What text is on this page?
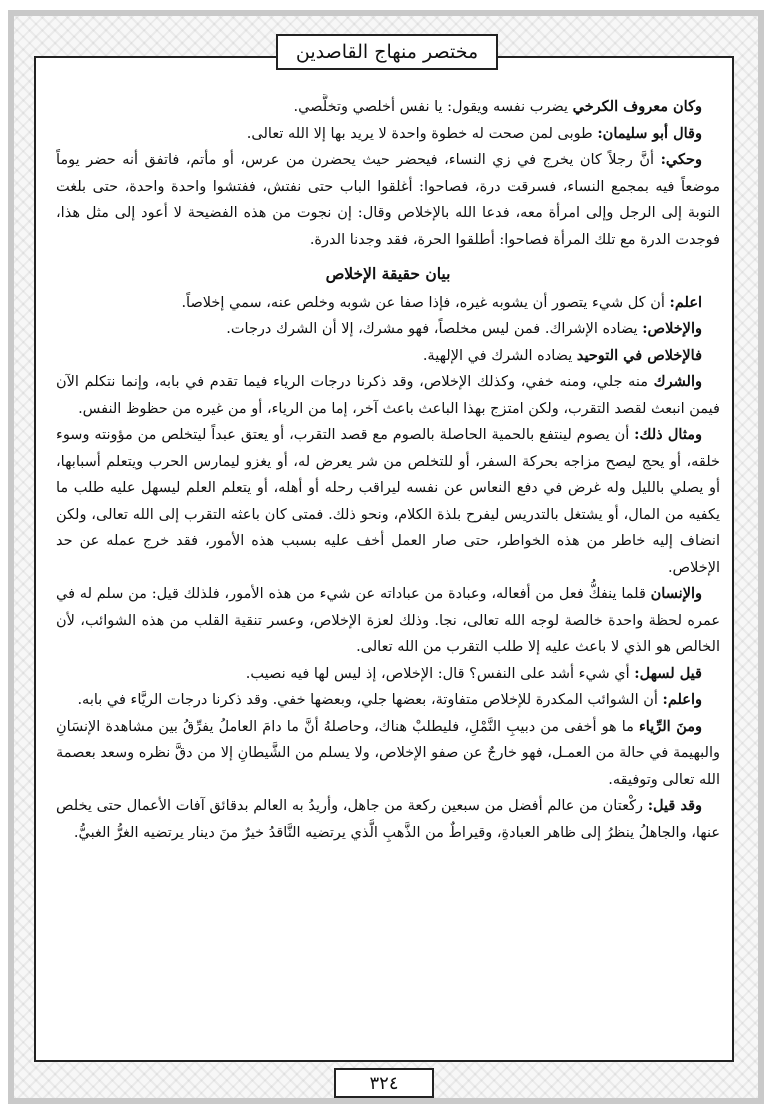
مختصر منهاج القاصدين

وكان معروف الكرخي يضرب نفسه ويقول: يا نفس أخلصي وتخلَّصي.

وقال أبو سليمان: طوبى لمن صحت له خطوة واحدة لا يريد بها إلا الله تعالى.

وحكي: أنَّ رجلاً كان يخرج في زي النساء، فيحضر حيث يحضرن من عرس، أو مأتم، فاتفق أنه حضر يوماً موضعاً فيه بمجمع النساء، فسرقت درة، فصاحوا: أغلقوا الباب حتى نفتش، ففتشوا واحدة واحدة، حتى بلغت النوبة إلى الرجل وإلى امرأة معه، فدعا الله بالإخلاص وقال: إن نجوت من هذه الفضيحة لا أعود إلى مثل هذا، فوجدت الدرة مع تلك المرأة فصاحوا: أطلقوا الحرة، فقد وجدنا الدرة.

بيان حقيقة الإخلاص

اعلم: أن كل شيء يتصور أن يشوبه غيره، فإذا صفا عن شوبه وخلص عنه، سمي إخلاصاً.

والإخلاص: يضاده الإشراك. فمن ليس مخلصاً، فهو مشرك، إلا أن الشرك درجات.

فالإخلاص في التوحيد يضاده الشرك في الإلهية.

والشرك منه جلي، ومنه خفي، وكذلك الإخلاص، وقد ذكرنا درجات الرياء فيما تقدم في بابه، وإنما نتكلم الآن فيمن انبعث لقصد التقرب، ولكن امتزج بهذا الباعث باعث آخر، إما من الرياء، أو من غيره من حظوظ النفس.

ومثال ذلك: أن يصوم لينتفع بالحمية الحاصلة بالصوم مع قصد التقرب، أو يعتق عبداً ليتخلص من مؤونته وسوء خلقه، أو يحج ليصح مزاجه بحركة السفر، أو للتخلص من شر يعرض له، أو يغزو ليمارس الحرب ويتعلم أسبابها، أو يصلي بالليل وله غرض في دفع النعاس عن نفسه ليراقب رحله أو أهله، أو يتعلم العلم ليسهل عليه طلب ما يكفيه من المال، أو يشتغل بالتدريس ليفرح بلذة الكلام، ونحو ذلك. فمتى كان باعثه التقرب إلى الله تعالى، ولكن انضاف إليه خاطر من هذه الخواطر، حتى صار العمل أخف عليه بسبب هذه الأمور، فقد خرج عمله عن حد الإخلاص.

والإنسان قلما ينفكُّ فعل من أفعاله، وعبادة من عباداته عن شيء من هذه الأمور، فلذلك قيل: من سلم له في عمره لحظة واحدة خالصة لوجه الله تعالى، نجا. وذلك لعزة الإخلاص، وعسر تنقية القلب من هذه الشوائب، لأن الخالص هو الذي لا باعث عليه إلا طلب التقرب من الله تعالى.

قيل لسهل: أي شيء أشد على النفس؟ قال: الإخلاص، إذ ليس لها فيه نصيب.

واعلم: أن الشوائب المكدرة للإخلاص متفاوتة، بعضها جلي، وبعضها خفي. وقد ذكرنا درجات الريَّاء في بابه.

ومنَ الرِّياء ما هو أخفى من دبيبِ النَّمْلِ، فليطلبْ هناك، وحاصلهُ أنَّ ما دامَ العاملُ يفرِّقُ بين مشاهدة الإنسَانِ والبهيمة في حالة من العمـل، فهو خارجٌ عن صفو الإخلاص، ولا يسلم من الشَّيطانِ إلا من دقَّ نظره وسعد بعصمة الله تعالى وتوفيقه.

وقد قيل: ركْعتان من عالم أفضل من سبعين ركعة من جاهل، وأريدُ به العالم بدقائق آفات الأعمال حتى يخلص عنها، والجاهلُ ينظرُ إلى ظاهر العبادةِ، وقيراطٌ من الذَّهبِ الَّذي يرتضيه النَّاقدُ خيرٌ منَ دينار يرتضيه الغرُّ الغبيُّ.

٣٢٤
